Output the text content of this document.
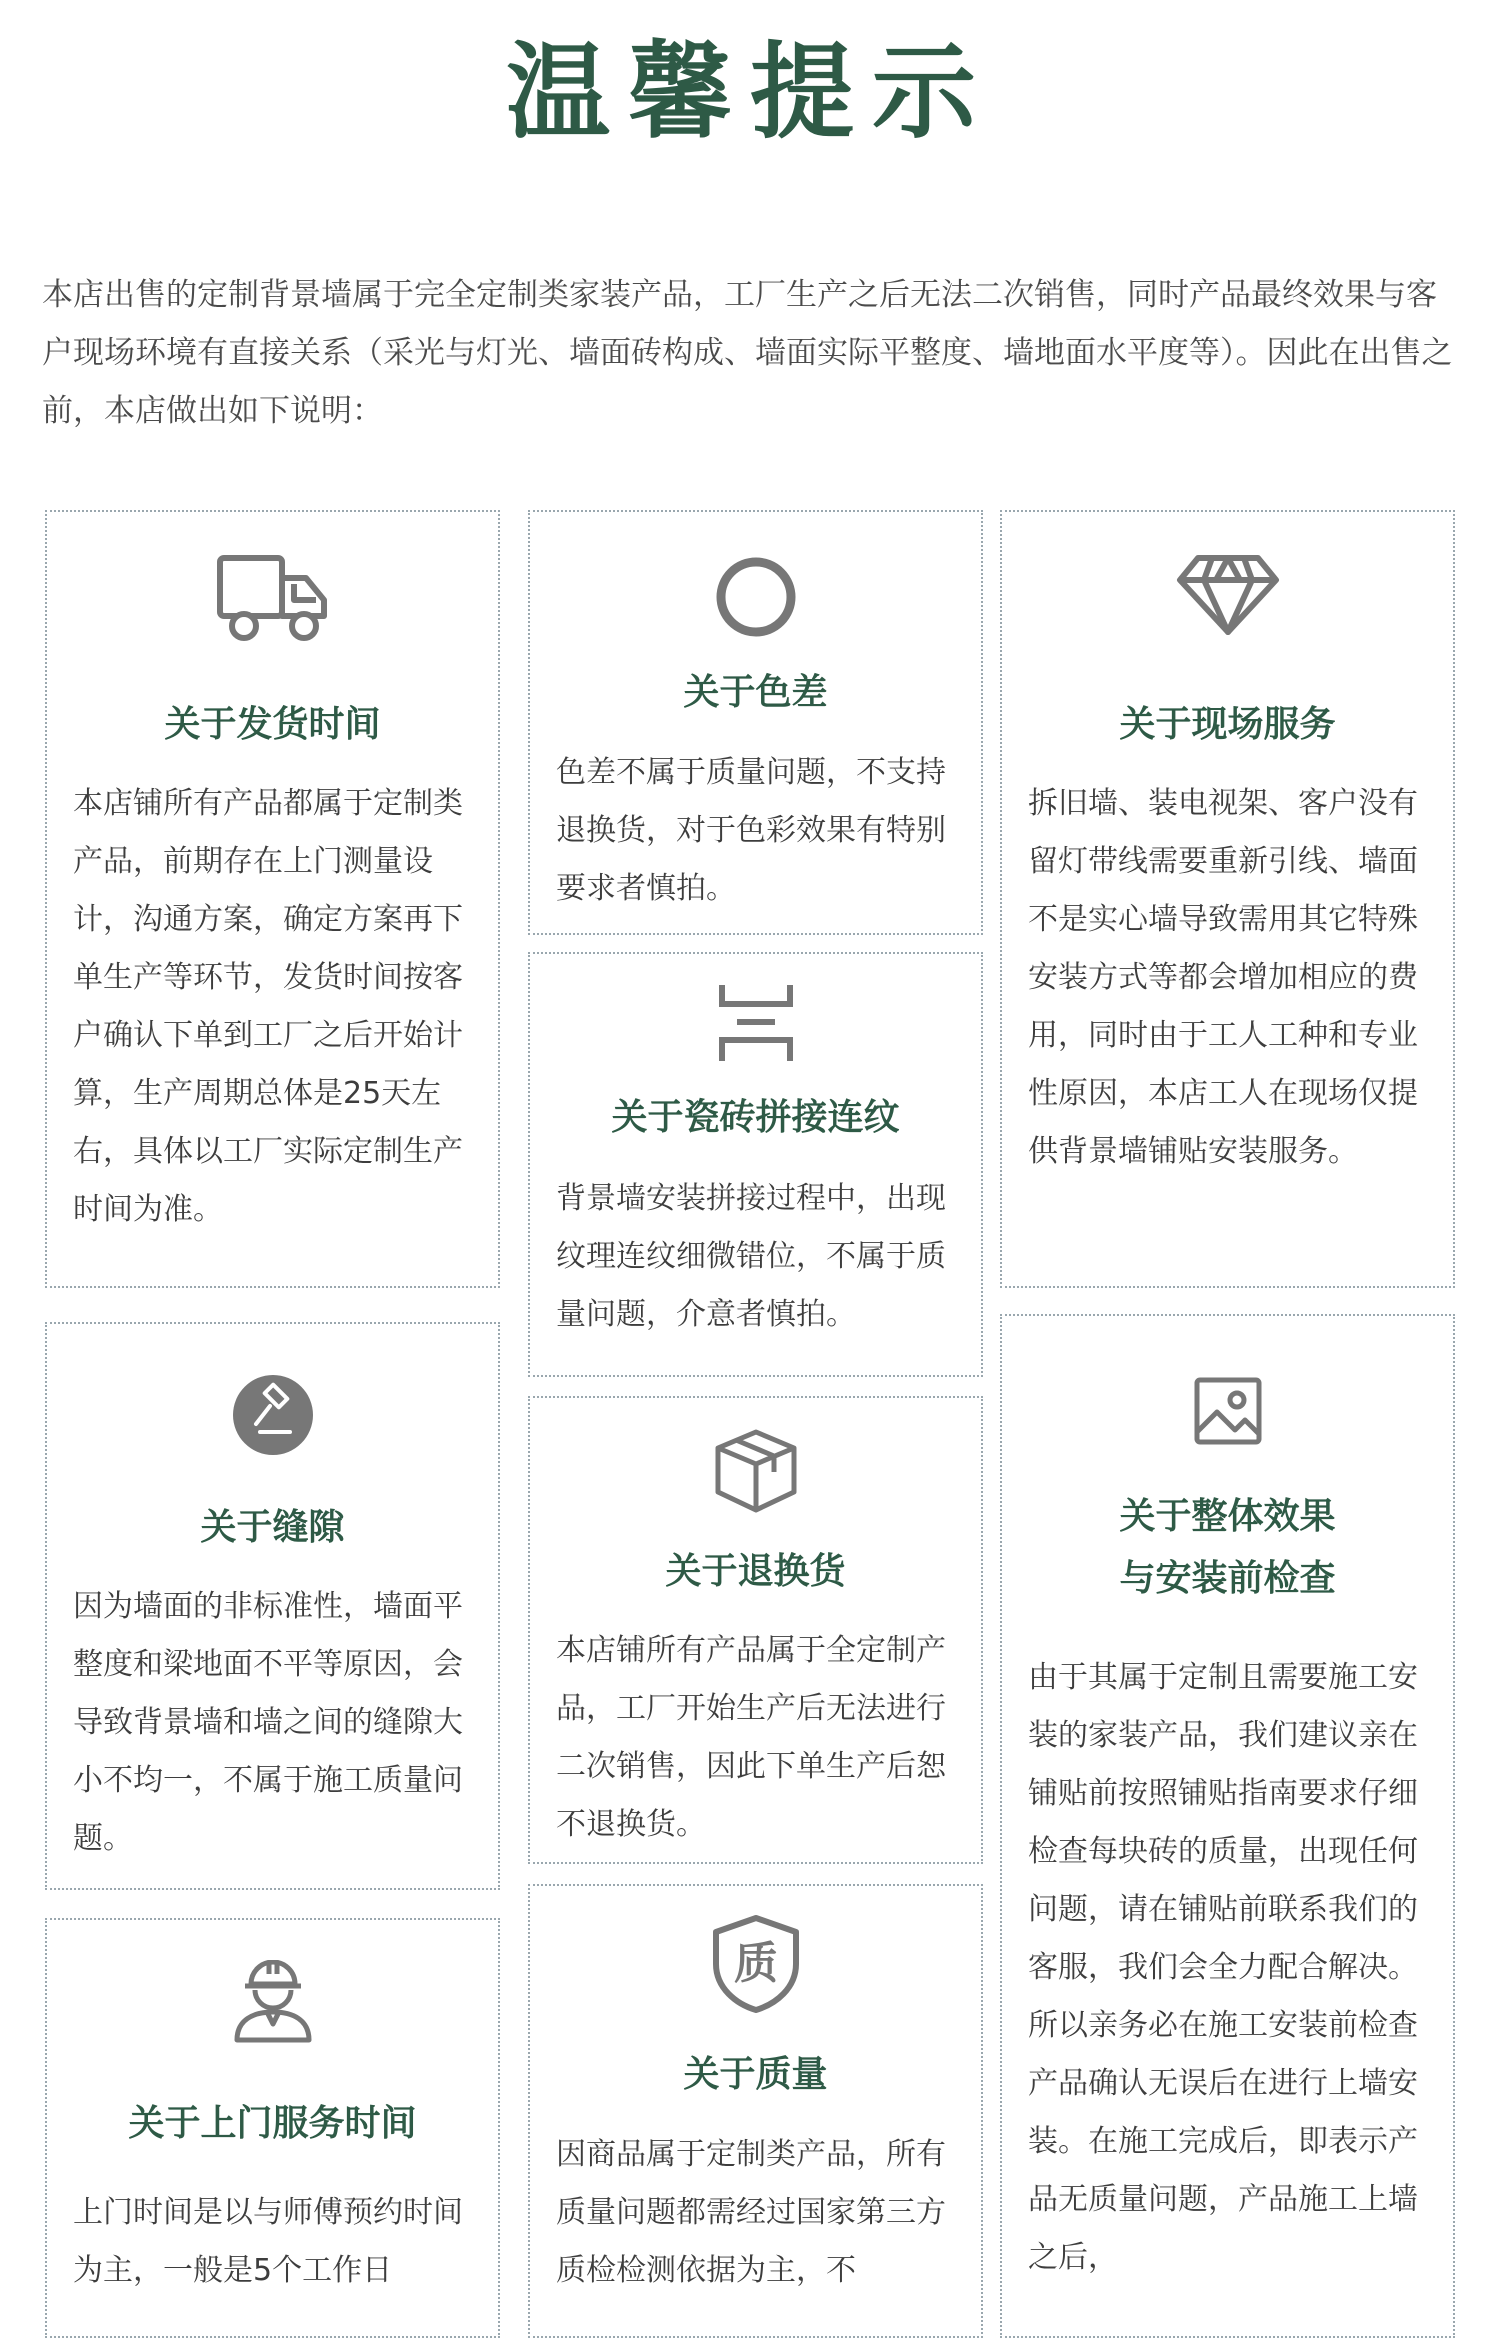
温馨提示
本店出售的定制背景墙属于完全定制类家装产品，工厂生产之后无法二次销售，同时产品最终效果与客户现场环境有直接关系（采光与灯光、墙面砖构成、墙面实际平整度、墙地面水平度等）。因此在出售之前，本店做出如下说明：
关于发货时间
本店铺所有产品都属于定制类产品，前期存在上门测量设计，沟通方案，确定方案再下单生产等环节，发货时间按客户确认下单到工厂之后开始计算，生产周期总体是25天左右，具体以工厂实际定制生产时间为准。
关于缝隙
因为墙面的非标准性，墙面平整度和梁地面不平等原因，会导致背景墙和墙之间的缝隙大小不均一，不属于施工质量问题。
关于上门服务时间
上门时间是以与师傅预约时间为主，一般是5个工作日
关于色差
色差不属于质量问题，不支持退换货，对于色彩效果有特别要求者慎拍。
关于瓷砖拼接连纹
背景墙安装拼接过程中，出现纹理连纹细微错位，不属于质量问题，介意者慎拍。
关于退换货
本店铺所有产品属于全定制产品，工厂开始生产后无法进行二次销售，因此下单生产后恕不退换货。
质
关于质量
因商品属于定制类产品，所有质量问题都需经过国家第三方质检检测依据为主，不
关于现场服务
拆旧墙、装电视架、客户没有留灯带线需要重新引线、墙面不是实心墙导致需用其它特殊安装方式等都会增加相应的费用，同时由于工人工种和专业性原因，本店工人在现场仅提供背景墙铺贴安装服务。
关于整体效果
与安装前检查
由于其属于定制且需要施工安装的家装产品，我们建议亲在铺贴前按照铺贴指南要求仔细检查每块砖的质量，出现任何问题，请在铺贴前联系我们的客服，我们会全力配合解决。所以亲务必在施工安装前检查产品确认无误后在进行上墙安装。在施工完成后，即表示产品无质量问题，产品施工上墙之后，
